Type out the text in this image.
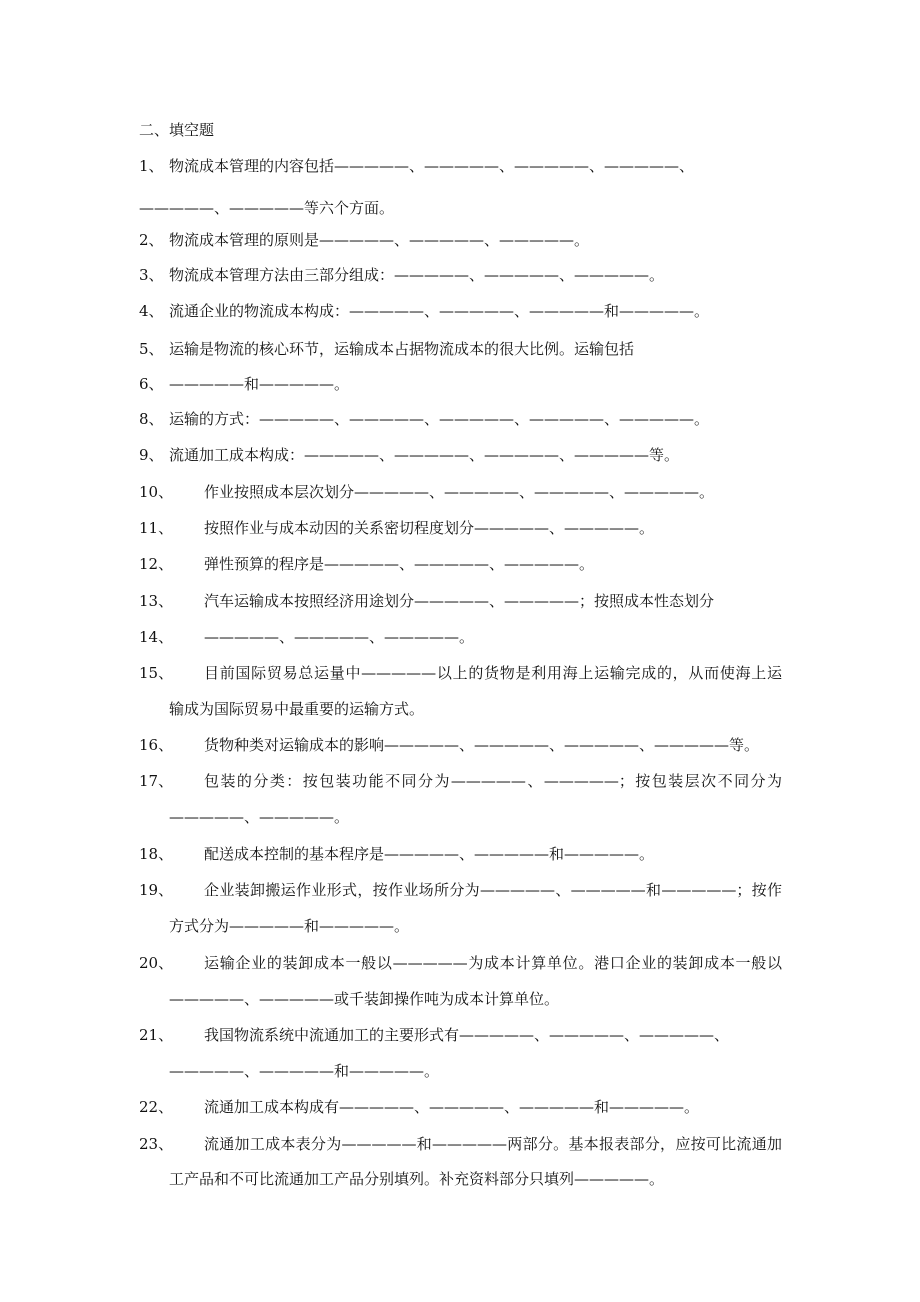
二、填空题
1、 物流成本管理的内容包括—————、—————、—————、—————、
—————、—————等六个方面。
2、 物流成本管理的原则是—————、—————、—————。
3、 物流成本管理方法由三部分组成：—————、—————、—————。
4、 流通企业的物流成本构成：—————、—————、—————和—————。
5、 运输是物流的核心环节，运输成本占据物流成本的很大比例。运输包括
6、 —————和—————。
8、 运输的方式：—————、—————、—————、—————、—————。
9、 流通加工成本构成：—————、—————、—————、—————等。
10、 作业按照成本层次划分—————、—————、—————、—————。
11、 按照作业与成本动因的关系密切程度划分—————、—————。
12、 弹性预算的程序是—————、—————、—————。
13、 汽车运输成本按照经济用途划分—————、—————；按照成本性态划分
14、 —————、—————、—————。
15、 目前国际贸易总运量中—————以上的货物是利用海上运输完成的，从而使海上运
输成为国际贸易中最重要的运输方式。
16、 货物种类对运输成本的影响—————、—————、—————、—————等。
17、 包装的分类：按包装功能不同分为—————、—————；按包装层次不同分为
—————、—————。
18、 配送成本控制的基本程序是—————、—————和—————。
19、 企业装卸搬运作业形式，按作业场所分为—————、—————和—————；按作
方式分为—————和—————。
20、 运输企业的装卸成本一般以—————为成本计算单位。港口企业的装卸成本一般以
—————、—————或千装卸操作吨为成本计算单位。
21、 我国物流系统中流通加工的主要形式有—————、—————、—————、
—————、—————和—————。
22、 流通加工成本构成有—————、—————、—————和—————。
23、 流通加工成本表分为—————和—————两部分。基本报表部分，应按可比流通加
工产品和不可比流通加工产品分别填列。补充资料部分只填列—————。
